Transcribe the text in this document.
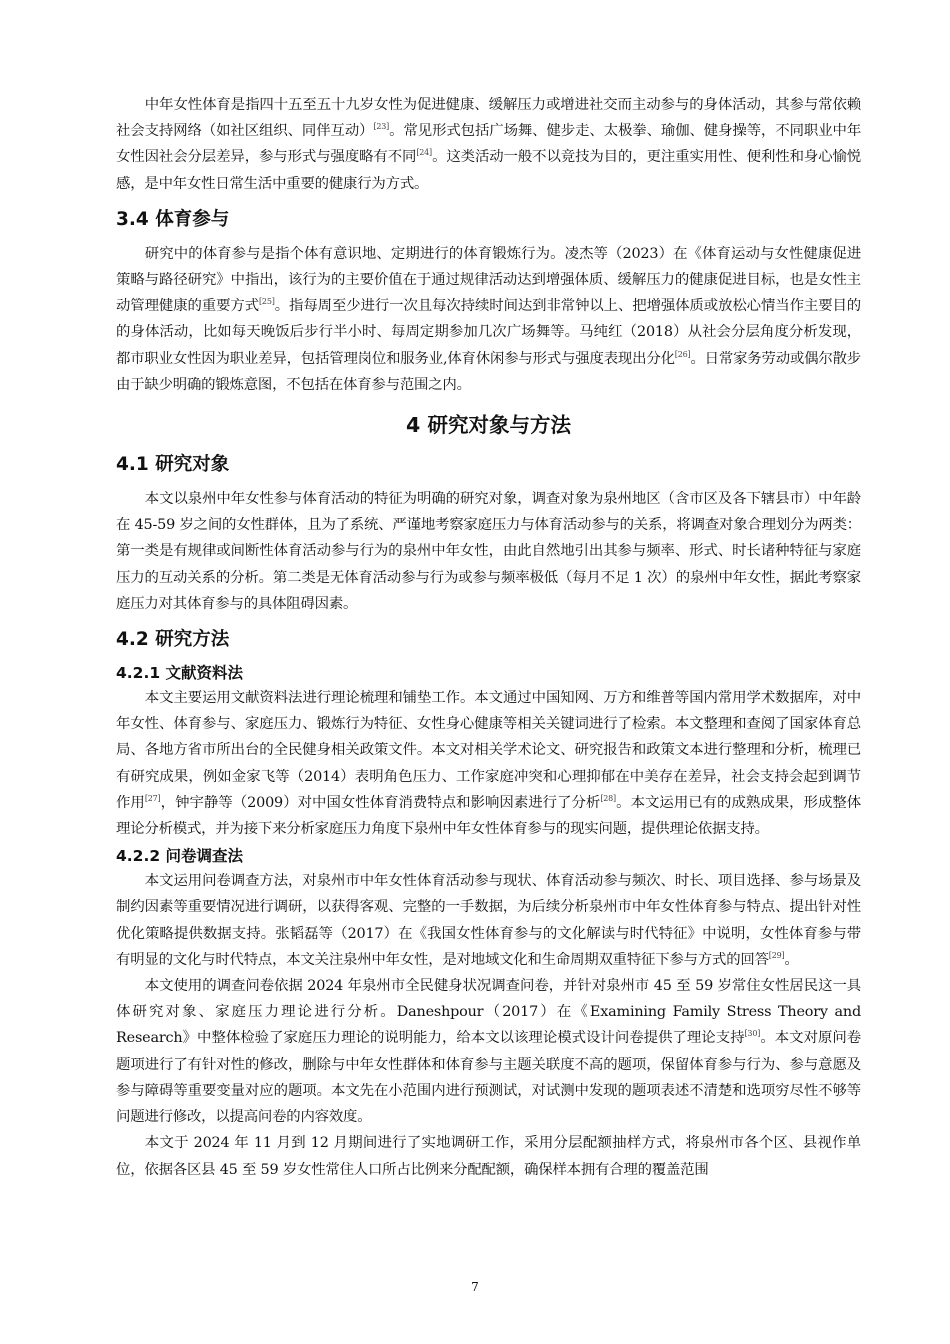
中年女性体育是指四十五至五十九岁女性为促进健康、缓解压力或增进社交而主动参与的身体活动，其参与常依赖社会支持网络（如社区组织、同伴互动）[23]。常见形式包括广场舞、健步走、太极拳、瑜伽、健身操等，不同职业中年女性因社会分层差异，参与形式与强度略有不同[24]。这类活动一般不以竞技为目的，更注重实用性、便利性和身心愉悦感，是中年女性日常生活中重要的健康行为方式。

3.4 体育参与

研究中的体育参与是指个体有意识地、定期进行的体育锻炼行为。凌杰等（2023）在《体育运动与女性健康促进策略与路径研究》中指出，该行为的主要价值在于通过规律活动达到增强体质、缓解压力的健康促进目标，也是女性主动管理健康的重要方式[25]。指每周至少进行一次且每次持续时间达到非常钟以上、把增强体质或放松心情当作主要目的的身体活动，比如每天晚饭后步行半小时、每周定期参加几次广场舞等。马纯红（2018）从社会分层角度分析发现，都市职业女性因为职业差异，包括管理岗位和服务业,体育休闲参与形式与强度表现出分化[26]。日常家务劳动或偶尔散步由于缺少明确的锻炼意图，不包括在体育参与范围之内。

4 研究对象与方法
4.1 研究对象

本文以泉州中年女性参与体育活动的特征为明确的研究对象，调查对象为泉州地区（含市区及各下辖县市）中年龄在 45-59 岁之间的女性群体，且为了系统、严谨地考察家庭压力与体育活动参与的关系，将调查对象合理划分为两类：第一类是有规律或间断性体育活动参与行为的泉州中年女性，由此自然地引出其参与频率、形式、时长诸种特征与家庭压力的互动关系的分析。第二类是无体育活动参与行为或参与频率极低（每月不足 1 次）的泉州中年女性，据此考察家庭压力对其体育参与的具体阻碍因素。

4.2 研究方法
4.2.1 文献资料法

本文主要运用文献资料法进行理论梳理和铺垫工作。本文通过中国知网、万方和维普等国内常用学术数据库，对中年女性、体育参与、家庭压力、锻炼行为特征、女性身心健康等相关关键词进行了检索。本文整理和查阅了国家体育总局、各地方省市所出台的全民健身相关政策文件。本文对相关学术论文、研究报告和政策文本进行整理和分析，梳理已有研究成果，例如金家飞等（2014）表明角色压力、工作家庭冲突和心理抑郁在中美存在差异，社会支持会起到调节作用[27]，钟宇静等（2009）对中国女性体育消费特点和影响因素进行了分析[28]。本文运用已有的成熟成果，形成整体理论分析模式，并为接下来分析家庭压力角度下泉州中年女性体育参与的现实问题，提供理论依据支持。

4.2.2 问卷调查法

本文运用问卷调查方法，对泉州市中年女性体育活动参与现状、体育活动参与频次、时长、项目选择、参与场景及制约因素等重要情况进行调研，以获得客观、完整的一手数据，为后续分析泉州市中年女性体育参与特点、提出针对性优化策略提供数据支持。张韬磊等（2017）在《我国女性体育参与的文化解读与时代特征》中说明，女性体育参与带有明显的文化与时代特点，本文关注泉州中年女性，是对地域文化和生命周期双重特征下参与方式的回答[29]。

本文使用的调查问卷依据 2024 年泉州市全民健身状况调查问卷，并针对泉州市 45 至 59 岁常住女性居民这一具体研究对象、家庭压力理论进行分析。Daneshpour（2017）在《Examining Family Stress Theory and Research》中整体检验了家庭压力理论的说明能力，给本文以该理论模式设计问卷提供了理论支持[30]。本文对原问卷题项进行了有针对性的修改，删除与中年女性群体和体育参与主题关联度不高的题项，保留体育参与行为、参与意愿及参与障碍等重要变量对应的题项。本文先在小范围内进行预测试，对试测中发现的题项表述不清楚和选项穷尽性不够等问题进行修改，以提高问卷的内容效度。

本文于 2024 年 11 月到 12 月期间进行了实地调研工作，采用分层配额抽样方式，将泉州市各个区、县视作单位，依据各区县 45 至 59 岁女性常住人口所占比例来分配配额，确保样本拥有合理的覆盖范围

7
